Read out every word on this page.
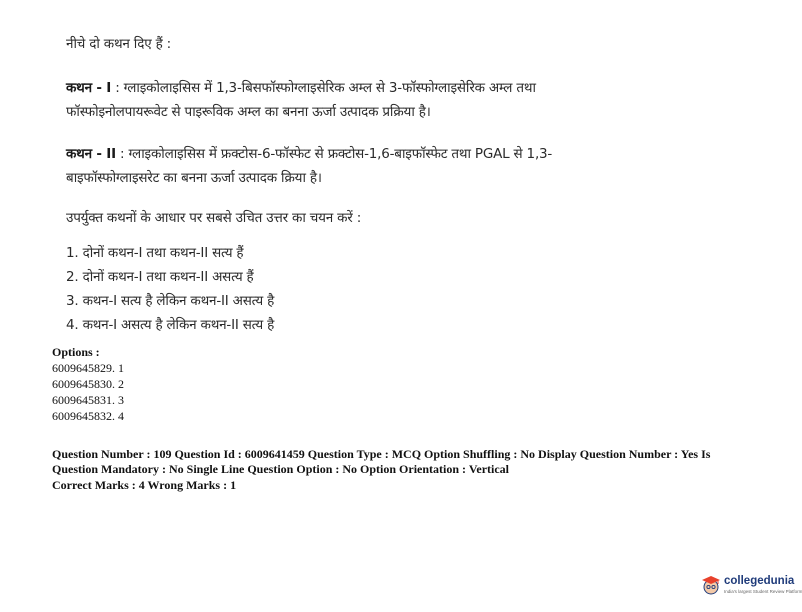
नीचे दो कथन दिए हैं :
कथन - I : ग्लाइकोलाइसिस में 1,3-बिसफॉस्फोग्लाइसेरिक अम्ल से 3-फॉस्फोग्लाइसेरिक अम्ल तथा
फॉस्फोइनोलपायरूवेट से पाइरूविक अम्ल का बनना ऊर्जा उत्पादक प्रक्रिया है।
कथन - II : ग्लाइकोलाइसिस में फ्रक्टोस-6-फॉस्फेट से फ्रक्टोस-1,6-बाइफॉस्फेट तथा PGAL से 1,3-
बाइफॉस्फोग्लाइसरेट का बनना ऊर्जा उत्पादक क्रिया है।
उपर्युक्त कथनों के आधार पर सबसे उचित उत्तर का चयन करें :
1. दोनों कथन-I तथा कथन-II सत्य हैं
2. दोनों कथन-I तथा कथन-II असत्य हैं
3. कथन-I सत्य है लेकिन कथन-II असत्य है
4. कथन-I असत्य है लेकिन कथन-II सत्य है
Options :
6009645829. 1
6009645830. 2
6009645831. 3
6009645832. 4
Question Number : 109 Question Id : 6009641459 Question Type : MCQ Option Shuffling : No Display Question Number : Yes Is
Question Mandatory : No Single Line Question Option : No Option Orientation : Vertical
Correct Marks : 4 Wrong Marks : 1
collegedunia
India's largest Student Review Platform
